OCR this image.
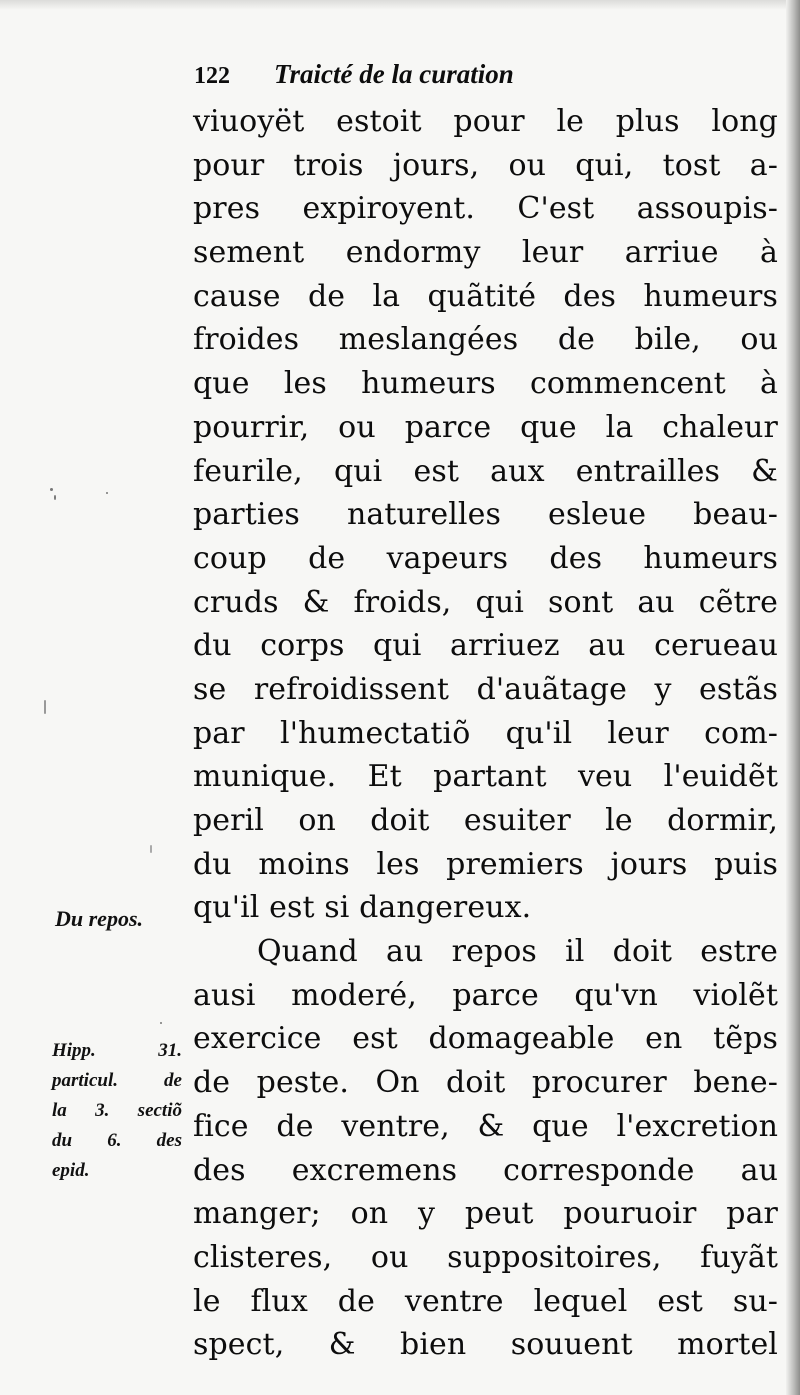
122 Traicté de la curation
viuoyët estoit pour le plus long
pour trois jours, ou qui, tost a-
pres expiroyent. C'est assoupis-
sement endormy leur arriue à
cause de la quãtité des humeurs
froides meslangées de bile, ou
que les humeurs commencent à
pourrir, ou parce que la chaleur
feurile, qui est aux entrailles &
parties naturelles esleue beau-
coup de vapeurs des humeurs
cruds & froids, qui sont au cẽtre
du corps qui arriuez au cerueau
se refroidissent d'auãtage y estãs
par l'humectatiõ qu'il leur com-
munique. Et partant veu l'euidẽt
peril on doit esuiter le dormir,
du moins les premiers jours puis
qu'il est si dangereux.
Quand au repos il doit estre
ausi moderé, parce qu'vn violẽt
exercice est domageable en tẽps
de peste. On doit procurer bene-
fice de ventre, & que l'excretion
des excremens corresponde au
manger; on y peut pouruoir par
clisteres, ou suppositoires, fuyãt
le flux de ventre lequel est su-
spect, & bien souuent mortel
Du repos.
Hipp. 31.
particul. de
la 3. sectiõ
du 6. des
epid.
